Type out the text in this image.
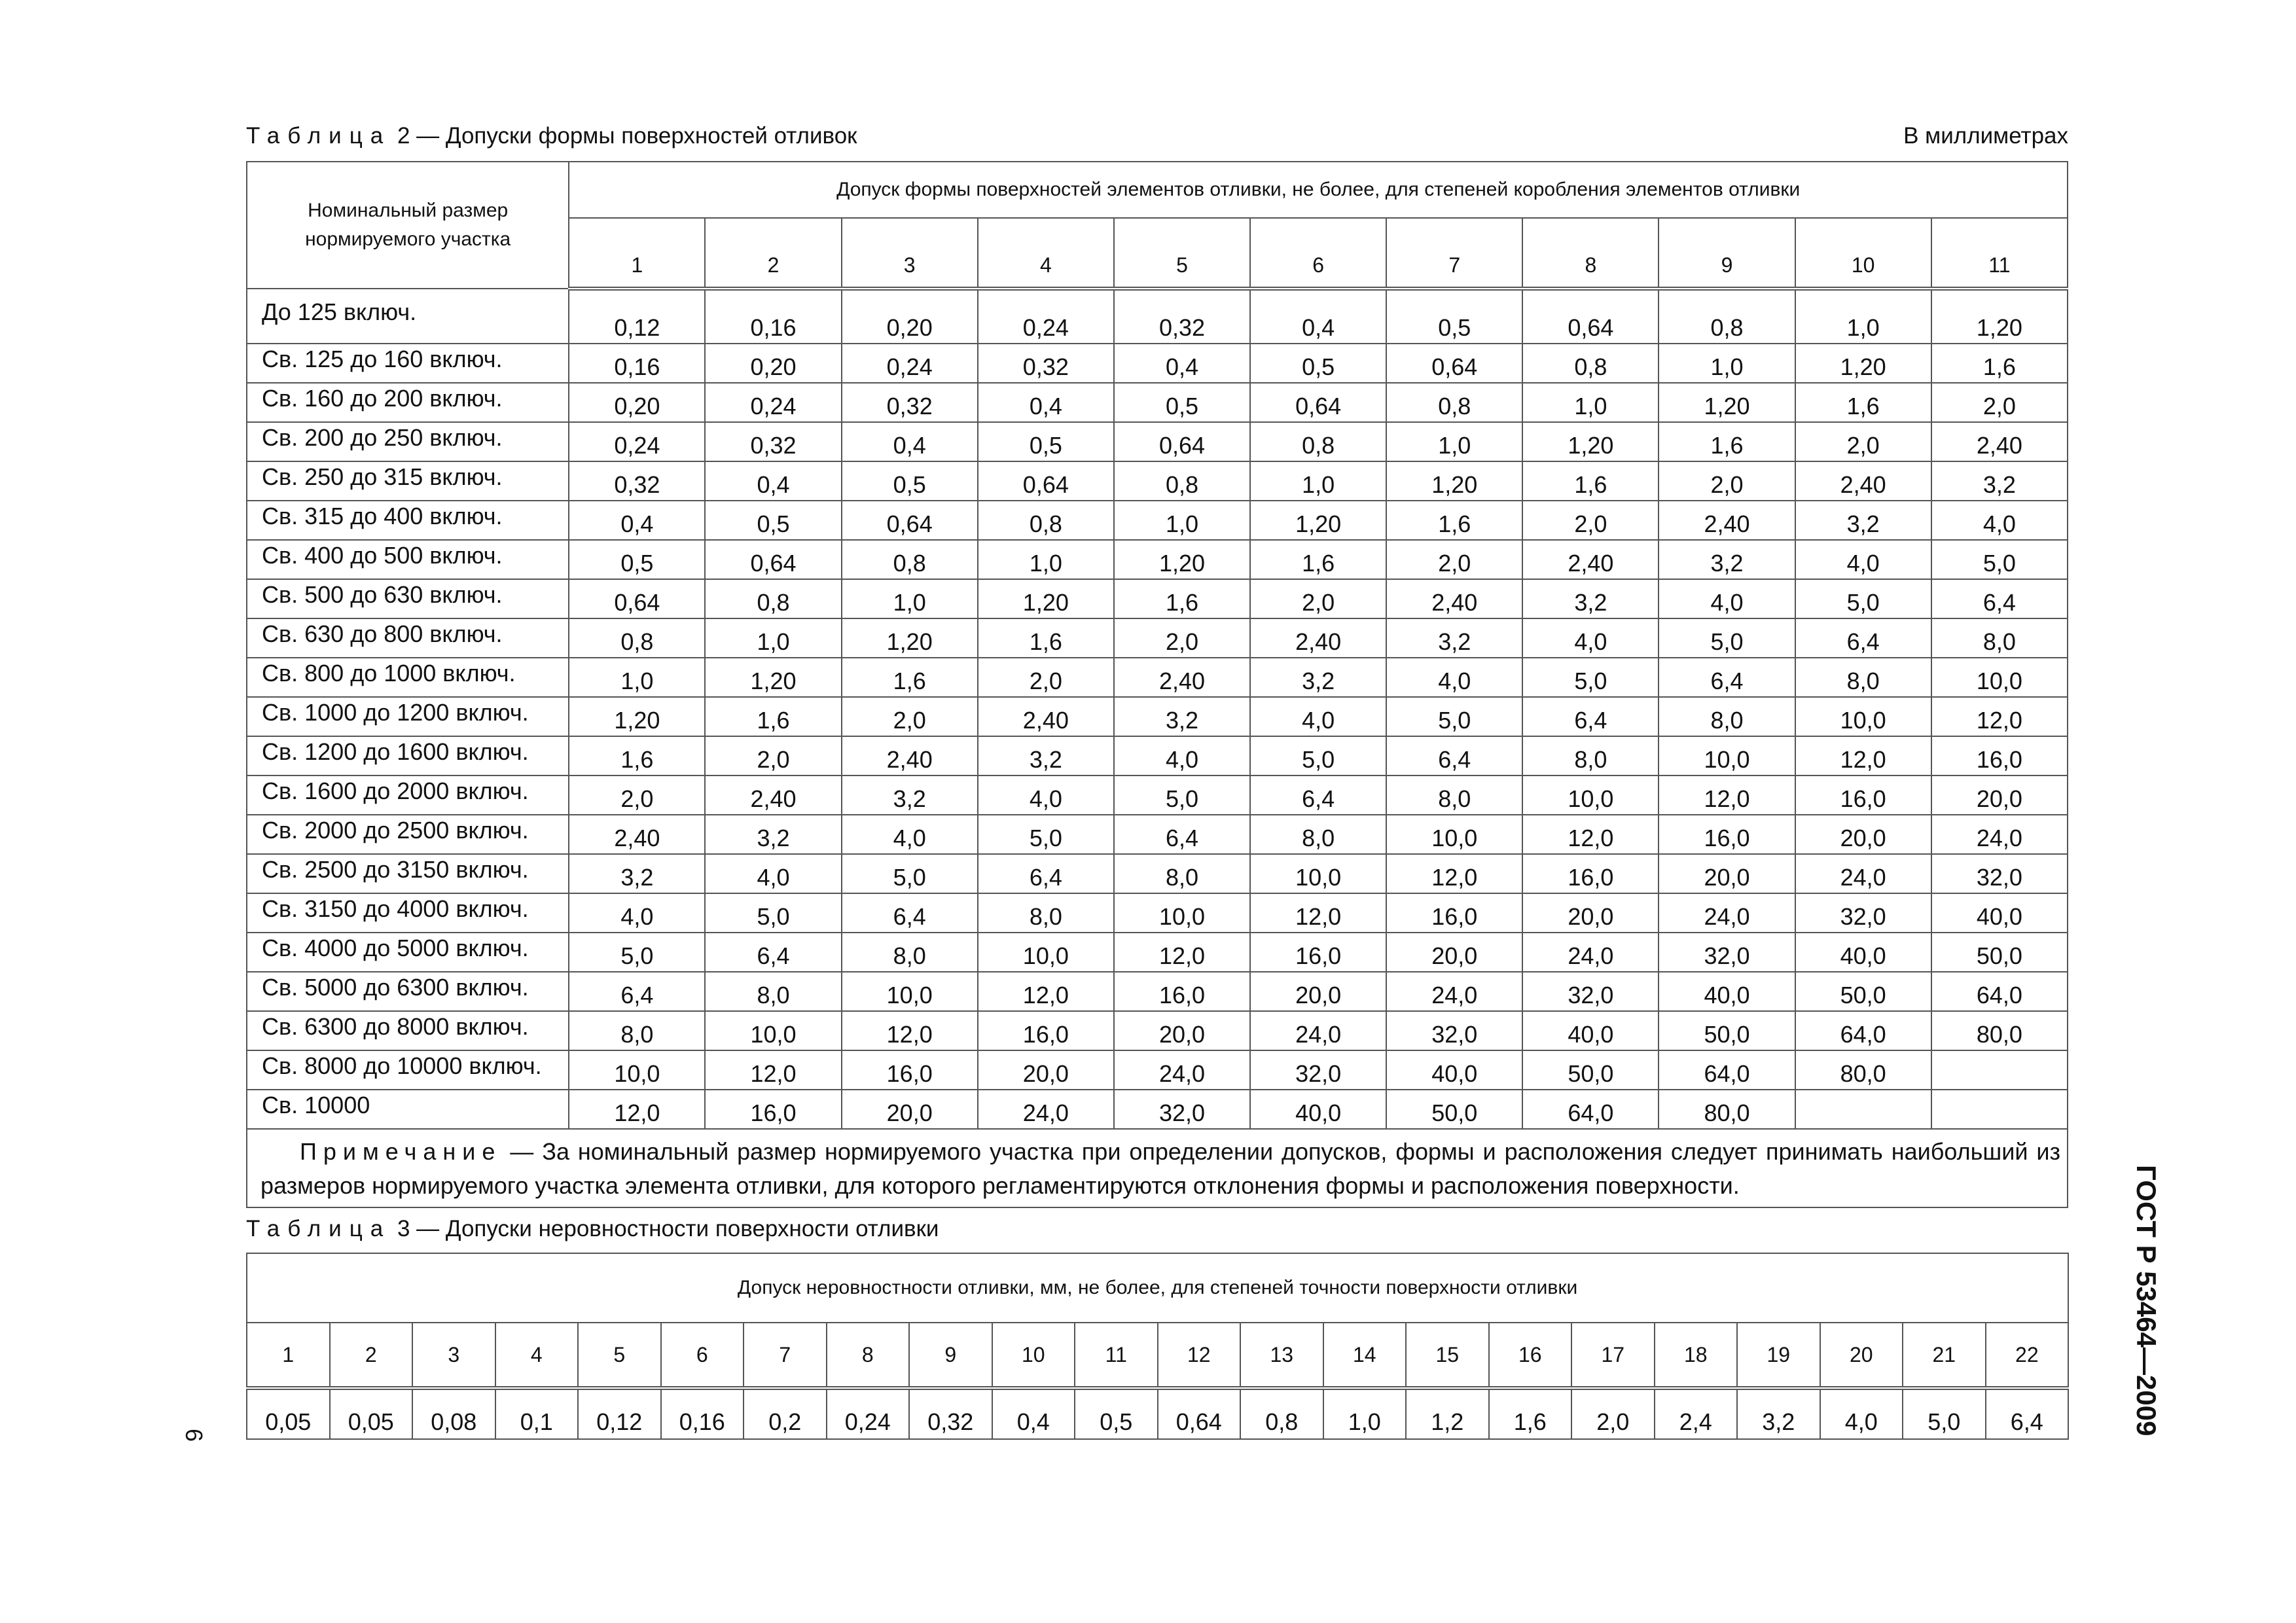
Таблица 2 — Допуски формы поверхностей отливок	В миллиметрах
Номинальный размер нормируемого участка	Допуск формы поверхностей элементов отливки, не более, для степеней коробления элементов отливки										
	1	2	3	4	5	6	7	8	9	10	11
До 125 включ.	0,12	0,16	0,20	0,24	0,32	0,4	0,5	0,64	0,8	1,0	1,20
Св. 125 до 160 включ.	0,16	0,20	0,24	0,32	0,4	0,5	0,64	0,8	1,0	1,20	1,6
Св. 160 до 200 включ.	0,20	0,24	0,32	0,4	0,5	0,64	0,8	1,0	1,20	1,6	2,0
Св. 200 до 250 включ.	0,24	0,32	0,4	0,5	0,64	0,8	1,0	1,20	1,6	2,0	2,40
Св. 250 до 315 включ.	0,32	0,4	0,5	0,64	0,8	1,0	1,20	1,6	2,0	2,40	3,2
Св. 315 до 400 включ.	0,4	0,5	0,64	0,8	1,0	1,20	1,6	2,0	2,40	3,2	4,0
Св. 400 до 500 включ.	0,5	0,64	0,8	1,0	1,20	1,6	2,0	2,40	3,2	4,0	5,0
Св. 500 до 630 включ.	0,64	0,8	1,0	1,20	1,6	2,0	2,40	3,2	4,0	5,0	6,4
Св. 630 до 800 включ.	0,8	1,0	1,20	1,6	2,0	2,40	3,2	4,0	5,0	6,4	8,0
Св. 800 до 1000 включ.	1,0	1,20	1,6	2,0	2,40	3,2	4,0	5,0	6,4	8,0	10,0
Св. 1000 до 1200 включ.	1,20	1,6	2,0	2,40	3,2	4,0	5,0	6,4	8,0	10,0	12,0
Св. 1200 до 1600 включ.	1,6	2,0	2,40	3,2	4,0	5,0	6,4	8,0	10,0	12,0	16,0
Св. 1600 до 2000 включ.	2,0	2,40	3,2	4,0	5,0	6,4	8,0	10,0	12,0	16,0	20,0
Св. 2000 до 2500 включ.	2,40	3,2	4,0	5,0	6,4	8,0	10,0	12,0	16,0	20,0	24,0
Св. 2500 до 3150 включ.	3,2	4,0	5,0	6,4	8,0	10,0	12,0	16,0	20,0	24,0	32,0
Св. 3150 до 4000 включ.	4,0	5,0	6,4	8,0	10,0	12,0	16,0	20,0	24,0	32,0	40,0
Св. 4000 до 5000 включ.	5,0	6,4	8,0	10,0	12,0	16,0	20,0	24,0	32,0	40,0	50,0
Св. 5000 до 6300 включ.	6,4	8,0	10,0	12,0	16,0	20,0	24,0	32,0	40,0	50,0	64,0
Св. 6300 до 8000 включ.	8,0	10,0	12,0	16,0	20,0	24,0	32,0	40,0	50,0	64,0	80,0
Св. 8000 до 10000 включ.	10,0	12,0	16,0	20,0	24,0	32,0	40,0	50,0	64,0	80,0	
Св. 10000	12,0	16,0	20,0	24,0	32,0	40,0	50,0	64,0	80,0		
Примечание — За номинальный размер нормируемого участка при определении допусков, формы и расположения следует принимать наибольший из размеров нормируемого участка элемента отливки, для которого регламентируются отклонения формы и расположения поверхности.											
Таблица 3 — Допуски неровностности поверхности отливки
Допуск неровностности отливки, мм, не более, для степеней точности поверхности отливки																					
1	2	3	4	5	6	7	8	9	10	11	12	13	14	15	16	17	18	19	20	21	22
0,05	0,05	0,08	0,1	0,12	0,16	0,2	0,24	0,32	0,4	0,5	0,64	0,8	1,0	1,2	1,6	2,0	2,4	3,2	4,0	5,0	6,4	ГОСТ Р 53464—2009
6
